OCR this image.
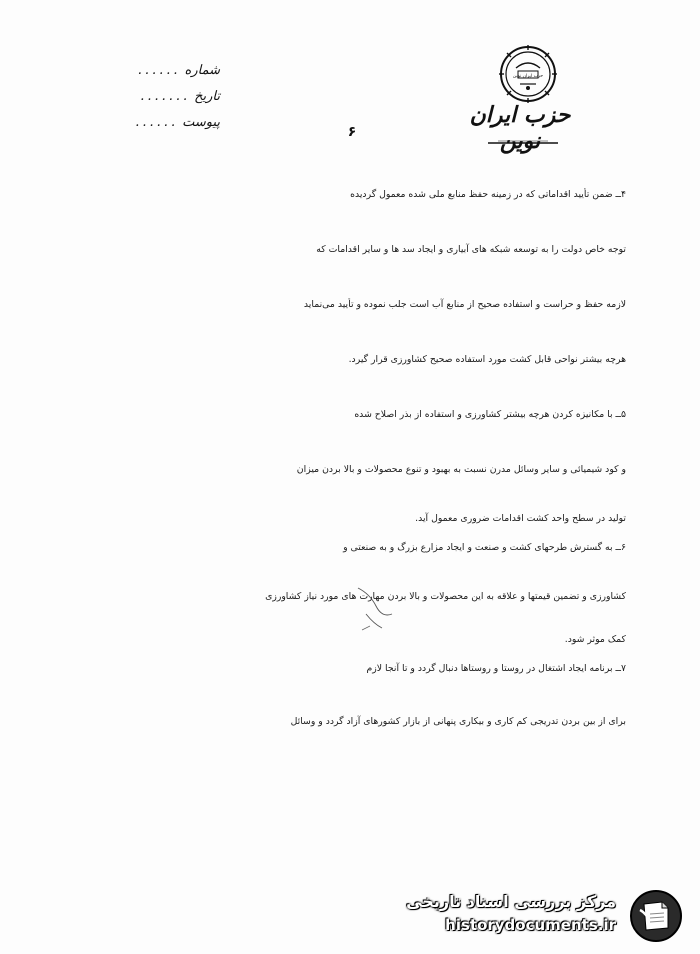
شماره
......
تاریخ
.......
پیوست
......
حزب ایران نوین
حزب ایران نوین
۶
۴ــ ضمن تأیید اقداماتی که در زمینه حفظ منابع ملی شده معمول گردیده
توجه خاص دولت را به توسعه شبکه های آبیاری و ایجاد سد ها و سایر اقدامات که
لازمه حفظ و حراست و استفاده صحیح از منابع آب است جلب نموده و تأیید می‌نماید
هرچه بیشتر نواحی قابل کشت مورد استفاده صحیح کشاورزی قرار گیرد.
۵ــ با مکانیزه کردن هرچه بیشتر کشاورزی و استفاده از بذر اصلاح شده
و کود شیمیائی و سایر وسائل مدرن نسبت به بهبود و تنوع محصولات و بالا بردن میزان
تولید در سطح واحد کشت اقدامات ضروری معمول آید.
۶ــ به گسترش طرحهای کشت و صنعت و ایجاد مزارع بزرگ و به صنعتی و
کشاورزی و تضمین قیمتها و علاقه به این محصولات و بالا بردن مهارت های مورد نیاز کشاورزی
کمک موثر شود.
۷ــ برنامه ایجاد اشتغال در روستا و روستاها دنبال گردد و تا آنجا لازم
برای از بین بردن تدریجی کم کاری و بیکاری پنهانی از بازار کشورهای آزاد گردد و وسائل
مرکز بررسی اسناد تاریخی
historydocuments.ir
